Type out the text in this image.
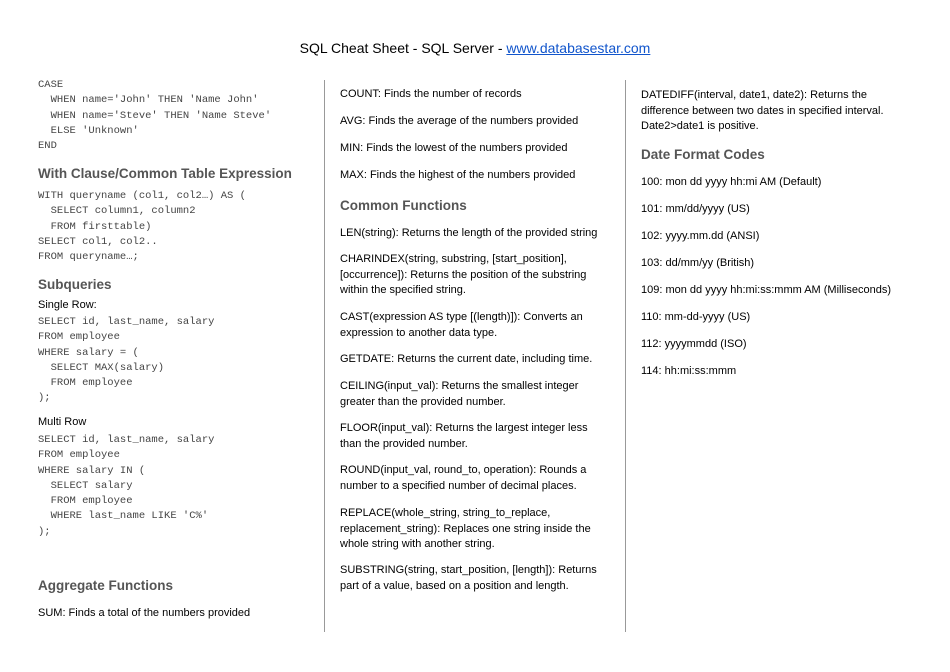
SQL Cheat Sheet - SQL Server - www.databasestar.com
CASE
WHEN name='John' THEN 'Name John'
WHEN name='Steve' THEN 'Name Steve'
ELSE 'Unknown'
END
With Clause/Common Table Expression
WITH queryname (col1, col2…) AS (
SELECT column1, column2
FROM firsttable)
SELECT col1, col2..
FROM queryname…;
Subqueries
Single Row:
SELECT id, last_name, salary
FROM employee
WHERE salary = (
SELECT MAX(salary)
FROM employee
);
Multi Row
SELECT id, last_name, salary
FROM employee
WHERE salary IN (
SELECT salary
FROM employee
WHERE last_name LIKE 'C%'
);
Aggregate Functions
SUM: Finds a total of the numbers provided
COUNT: Finds the number of records
AVG: Finds the average of the numbers provided
MIN: Finds the lowest of the numbers provided
MAX: Finds the highest of the numbers provided
Common Functions
LEN(string): Returns the length of the provided string
CHARINDEX(string, substring, [start_position], [occurrence]): Returns the position of the substring within the specified string.
CAST(expression AS type [(length)]): Converts an expression to another data type.
GETDATE: Returns the current date, including time.
CEILING(input_val): Returns the smallest integer greater than the provided number.
FLOOR(input_val): Returns the largest integer less than the provided number.
ROUND(input_val, round_to, operation): Rounds a number to a specified number of decimal places.
REPLACE(whole_string, string_to_replace, replacement_string): Replaces one string inside the whole string with another string.
SUBSTRING(string, start_position, [length]): Returns part of a value, based on a position and length.
DATEDIFF(interval, date1, date2): Returns the difference between two dates in specified interval. Date2>date1 is positive.
Date Format Codes
100: mon dd yyyy hh:mi AM (Default)
101: mm/dd/yyyy (US)
102: yyyy.mm.dd (ANSI)
103: dd/mm/yy (British)
109: mon dd yyyy hh:mi:ss:mmm AM (Milliseconds)
110: mm-dd-yyyy (US)
112: yyyymmdd (ISO)
114: hh:mi:ss:mmm
